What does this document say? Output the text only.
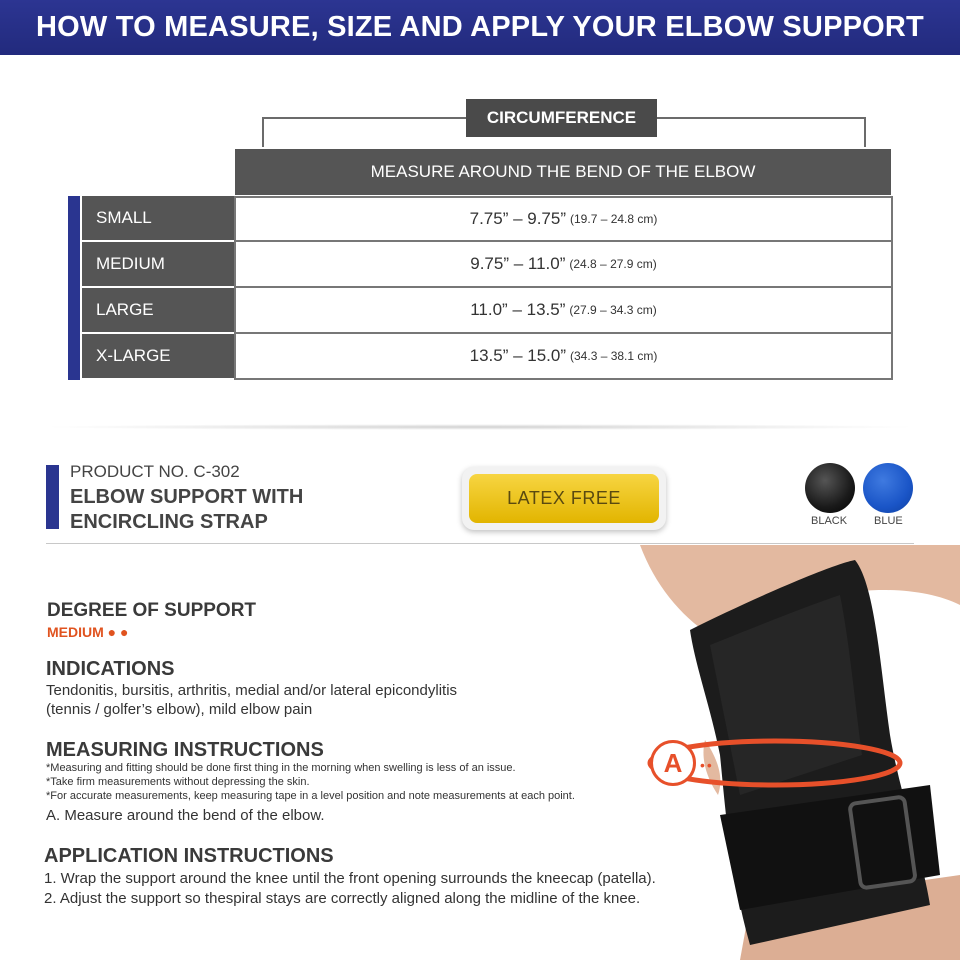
HOW TO MEASURE, SIZE AND APPLY YOUR ELBOW SUPPORT
CIRCUMFERENCE
MEASURE AROUND THE BEND OF THE ELBOW
SMALL	7.75” – 9.75” (19.7 – 24.8 cm)
MEDIUM	9.75” – 11.0” (24.8 – 27.9 cm)
LARGE	11.0” – 13.5” (27.9 – 34.3 cm)
X-LARGE	13.5” – 15.0” (34.3 – 38.1 cm)
PRODUCT NO. C-302
ELBOW SUPPORT WITH
ENCIRCLING STRAP
LATEX FREE
BLACK BLUE
DEGREE OF SUPPORT
MEDIUM ● ●
INDICATIONS
Tendonitis, bursitis, arthritis, medial and/or lateral epicondylitis
(tennis / golfer’s elbow), mild elbow pain
MEASURING INSTRUCTIONS
*Measuring and fitting should be done first thing in the morning when swelling is less of an issue.
*Take firm measurements without depressing the skin.
*For accurate measurements, keep measuring tape in a level position and note measurements at each point.
A. Measure around the bend of the elbow.
APPLICATION INSTRUCTIONS
1. Wrap the support around the knee until the front opening surrounds the kneecap (patella).
2. Adjust the support so thespiral stays are correctly aligned along the midline of the knee.
A ••
